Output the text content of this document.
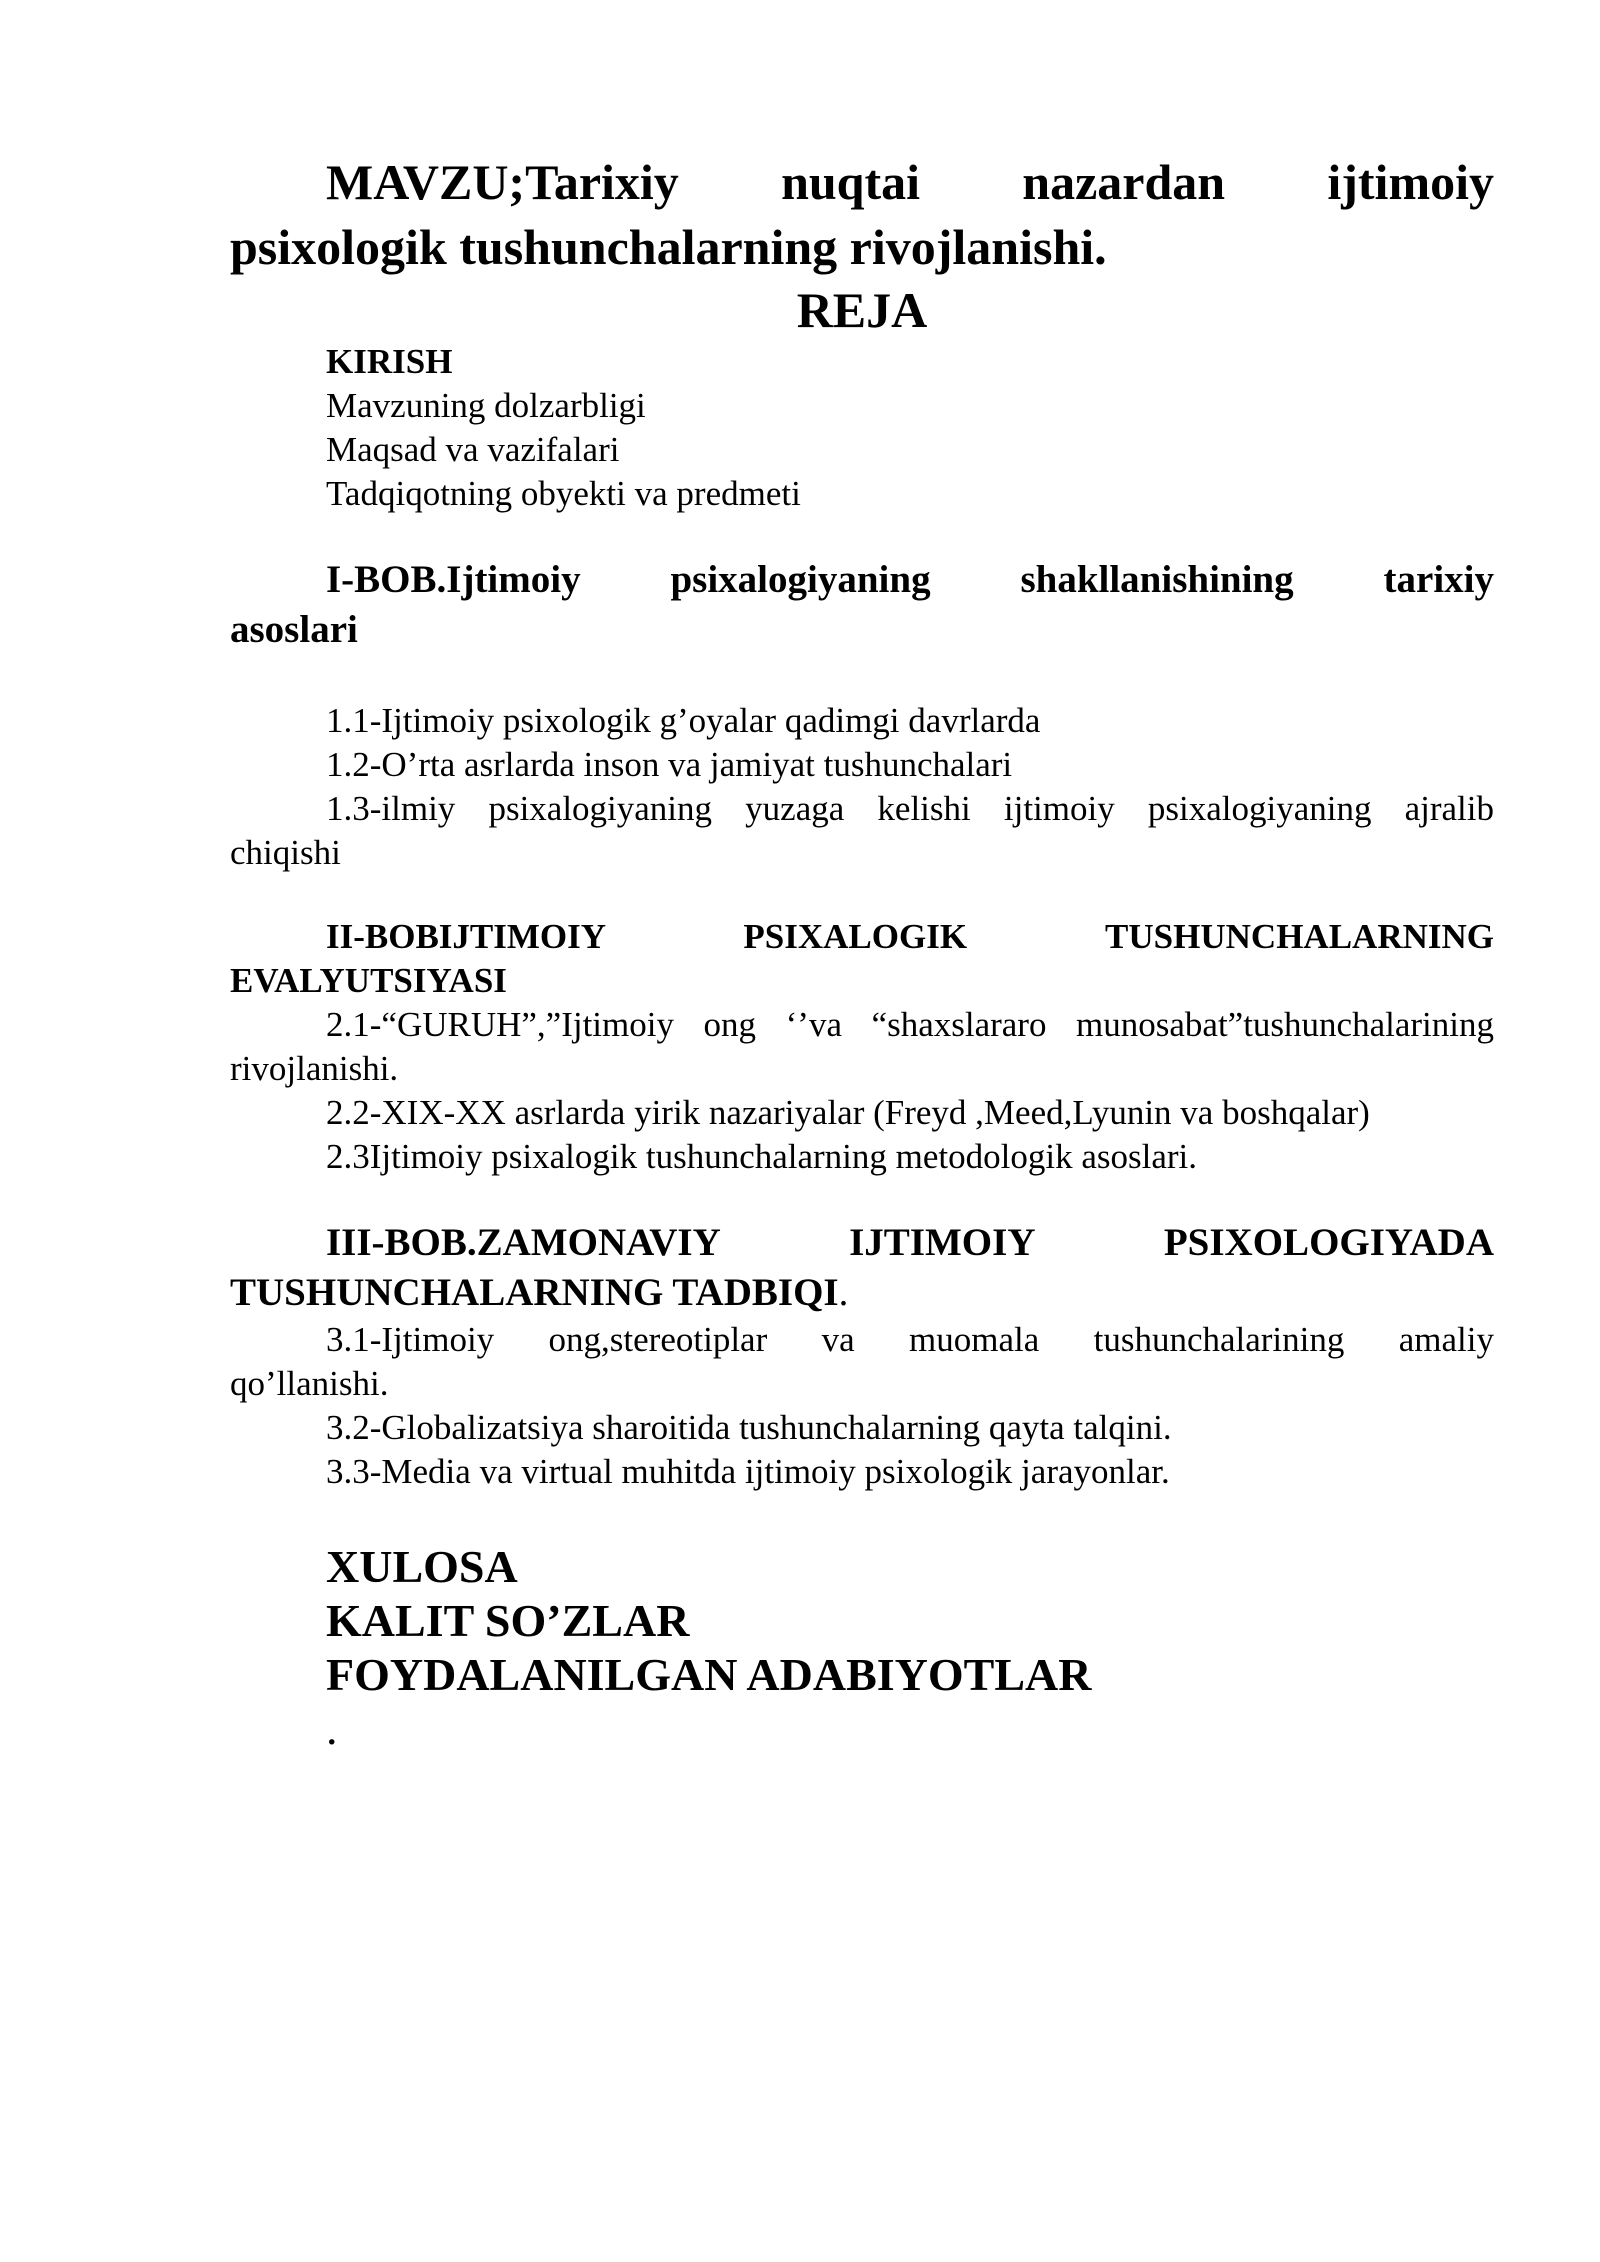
MAVZU;Tarixiy nuqtai nazardan ijtimoiy
psixologik tushunchalarning rivojlanishi.
REJA
KIRISH
Mavzuning dolzarbligi
Maqsad va vazifalari
Tadqiqotning obyekti va predmeti
I-BOB.Ijtimoiy psixalogiyaning shakllanishining tarixiy
asoslari
1.1-Ijtimoiy psixologik g’oyalar qadimgi davrlarda
1.2-O’rta asrlarda inson va jamiyat tushunchalari
1.3-ilmiy psixalogiyaning yuzaga kelishi ijtimoiy psixalogiyaning ajralib
chiqishi
II-BOBIJTIMOIY PSIXALOGIK TUSHUNCHALARNING
EVALYUTSIYASI
2.1-“GURUH”,”Ijtimoiy ong ‘’va “shaxslararo munosabat”tushunchalarining
rivojlanishi.
2.2-XIX-XX asrlarda yirik nazariyalar (Freyd ,Meed,Lyunin va boshqalar)
2.3Ijtimoiy psixalogik tushunchalarning metodologik asoslari.
III-BOB.ZAMONAVIY IJTIMOIY PSIXOLOGIYADA
TUSHUNCHALARNING TADBIQI.
3.1-Ijtimoiy ong,stereotiplar va muomala tushunchalarining amaliy
qo’llanishi.
3.2-Globalizatsiya sharoitida tushunchalarning qayta talqini.
3.3-Media va virtual muhitda ijtimoiy psixologik jarayonlar.
XULOSA
KALIT SO’ZLAR
FOYDALANILGAN ADABIYOTLAR
.
